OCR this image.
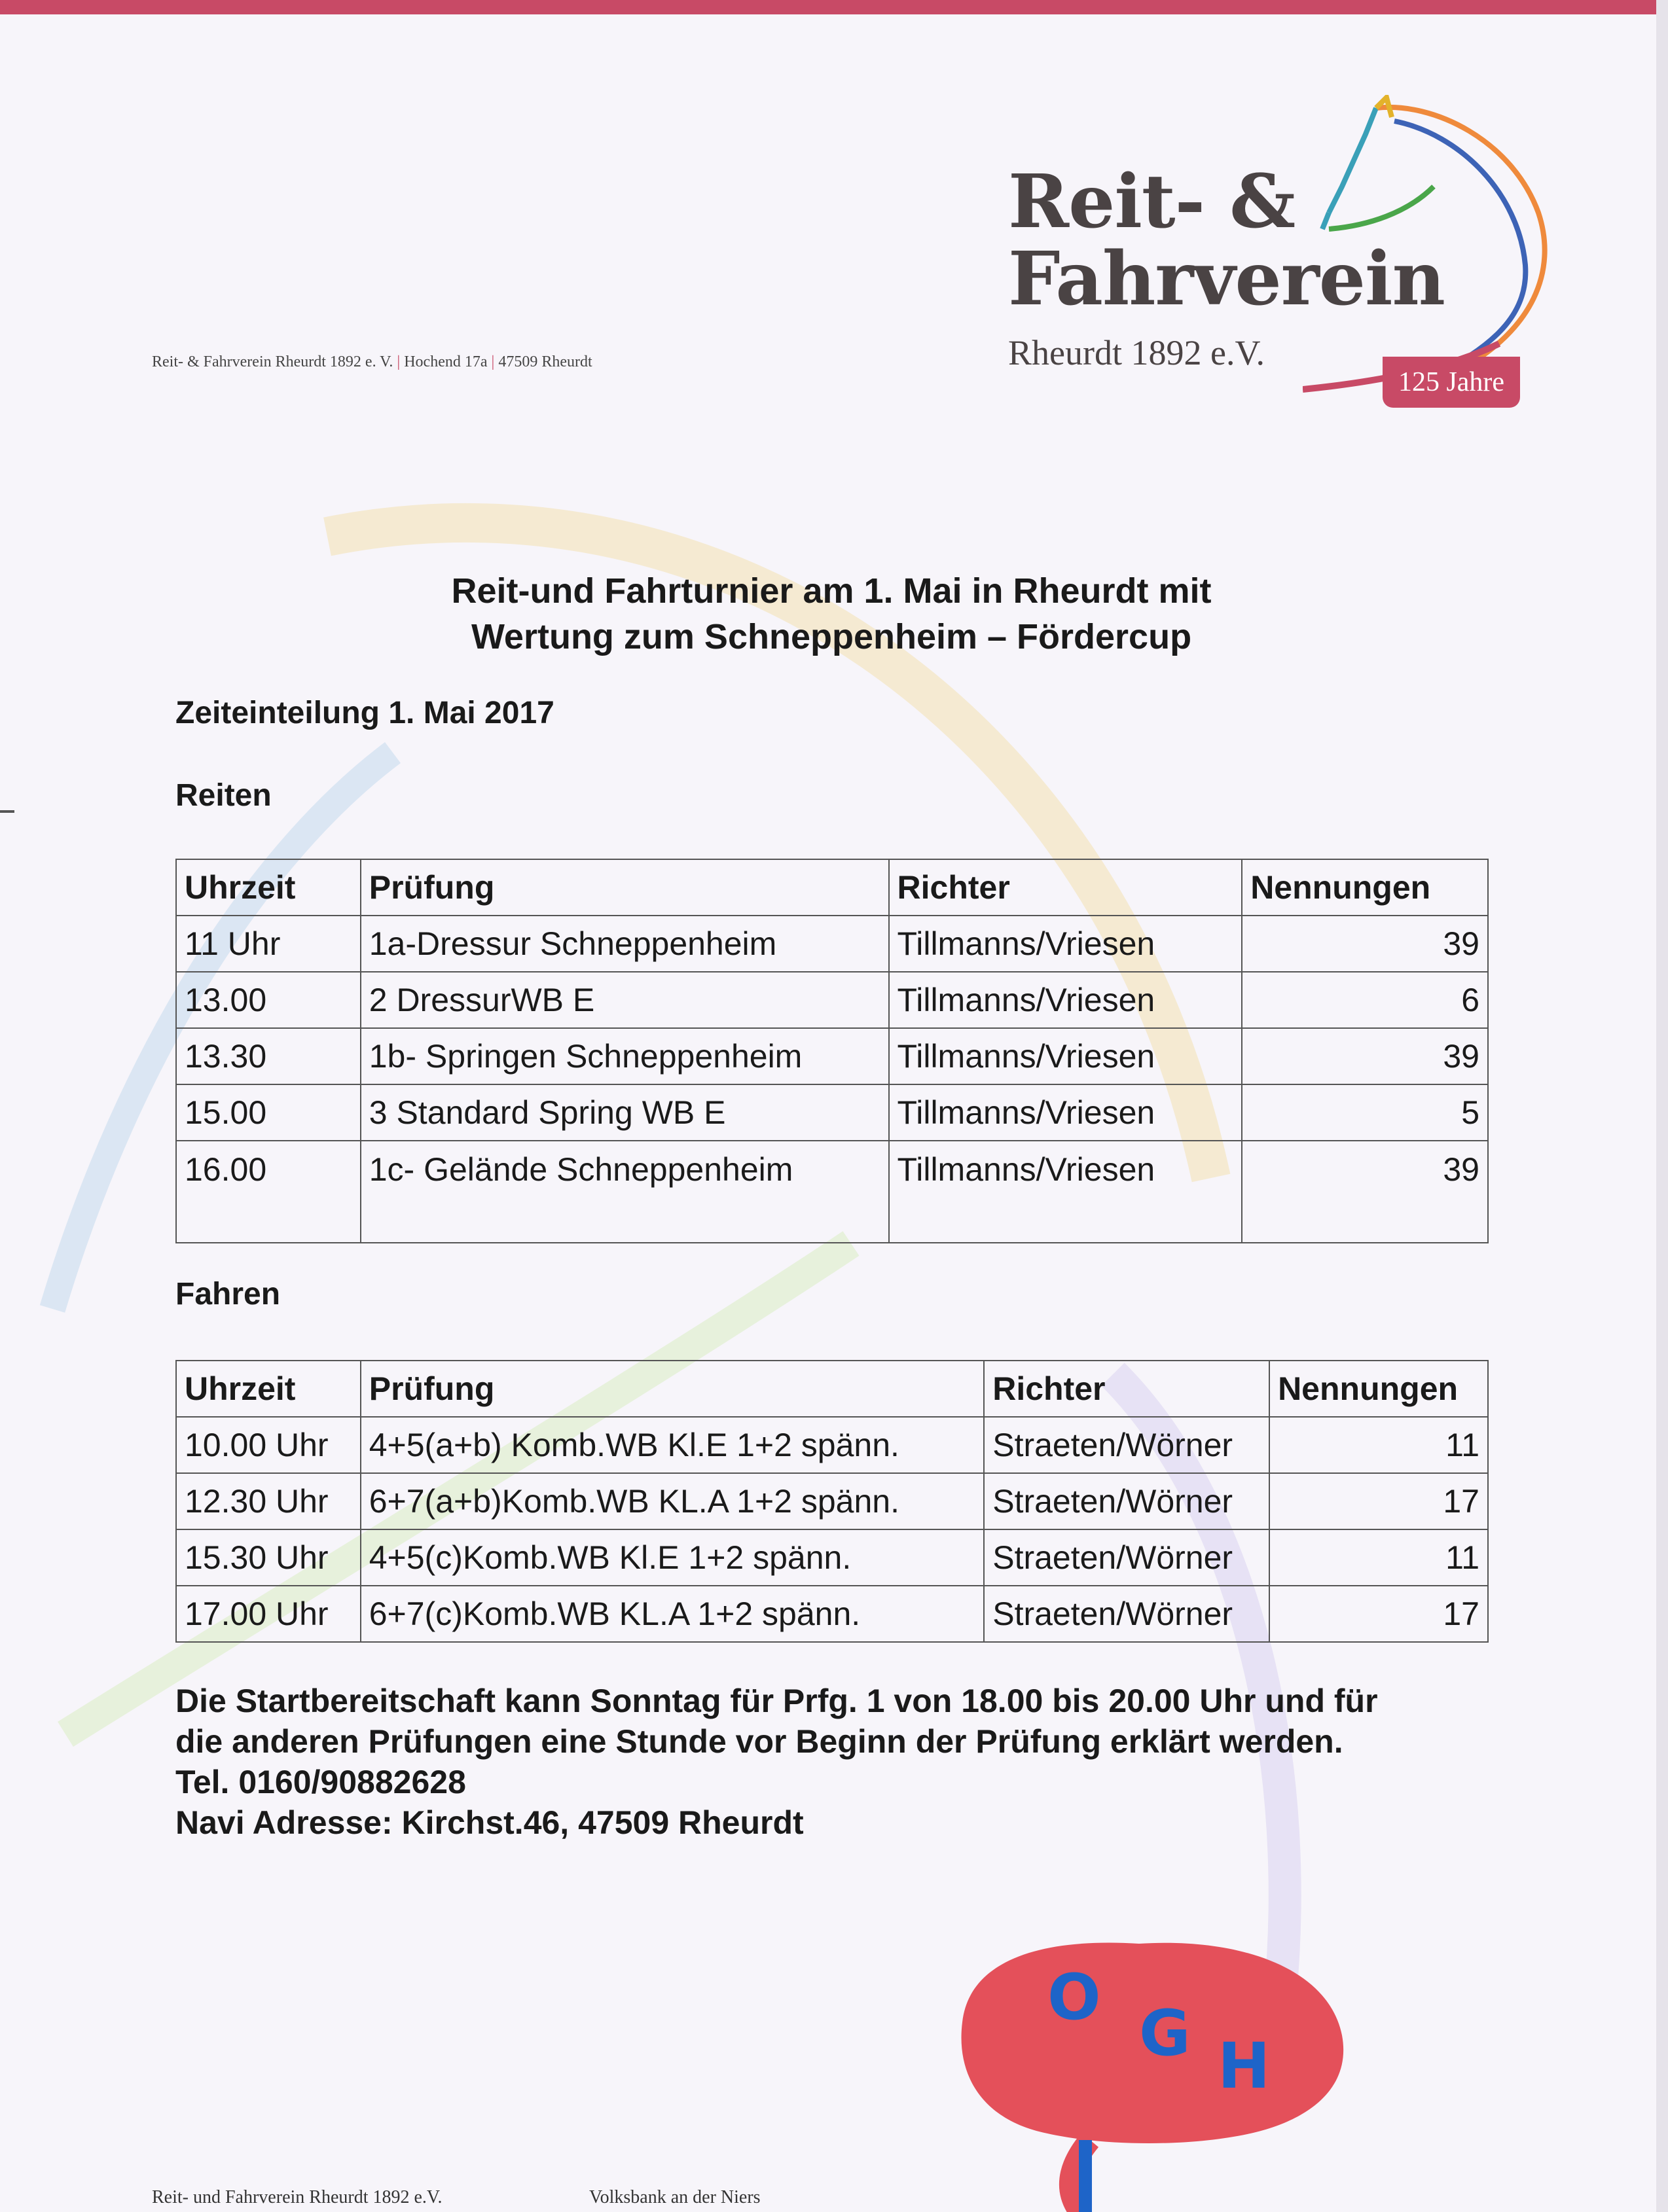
Reit- & Fahrverein Rheurdt 1892 e. V. | Hochend 17a | 47509 Rheurdt
Reit- &
Fahrverein
Rheurdt 1892 e.V.
125 Jahre
Reit-und Fahrturnier am 1. Mai in Rheurdt mit
Wertung zum Schneppenheim – Fördercup
Zeiteinteilung 1. Mai 2017
Reiten
Uhrzeit	Prüfung	Richter	Nennungen
11 Uhr	1a-Dressur Schneppenheim	Tillmanns/Vriesen	39
13.00	2 DressurWB E	Tillmanns/Vriesen	6
13.30	1b- Springen Schneppenheim	Tillmanns/Vriesen	39
15.00	3 Standard Spring WB E	Tillmanns/Vriesen	5
16.00	1c- Gelände Schneppenheim	Tillmanns/Vriesen	39
Fahren
Uhrzeit	Prüfung	Richter	Nennungen
10.00 Uhr	4+5(a+b) Komb.WB Kl.E 1+2 spänn.	Straeten/Wörner	11
12.30 Uhr	6+7(a+b)Komb.WB KL.A 1+2 spänn.	Straeten/Wörner	17
15.30 Uhr	4+5(c)Komb.WB Kl.E 1+2 spänn.	Straeten/Wörner	11
17.00 Uhr	6+7(c)Komb.WB KL.A 1+2 spänn.	Straeten/Wörner	17
Die Startbereitschaft kann Sonntag für Prfg. 1 von 18.00 bis 20.00 Uhr und für
die anderen Prüfungen eine Stunde vor Beginn der Prüfung erklärt werden.
Tel. 0160/90882628
Navi Adresse: Kirchst.46, 47509 Rheurdt
O G H
Reit- und Fahrverein Rheurdt 1892 e.V.	Volksbank an der Niers
